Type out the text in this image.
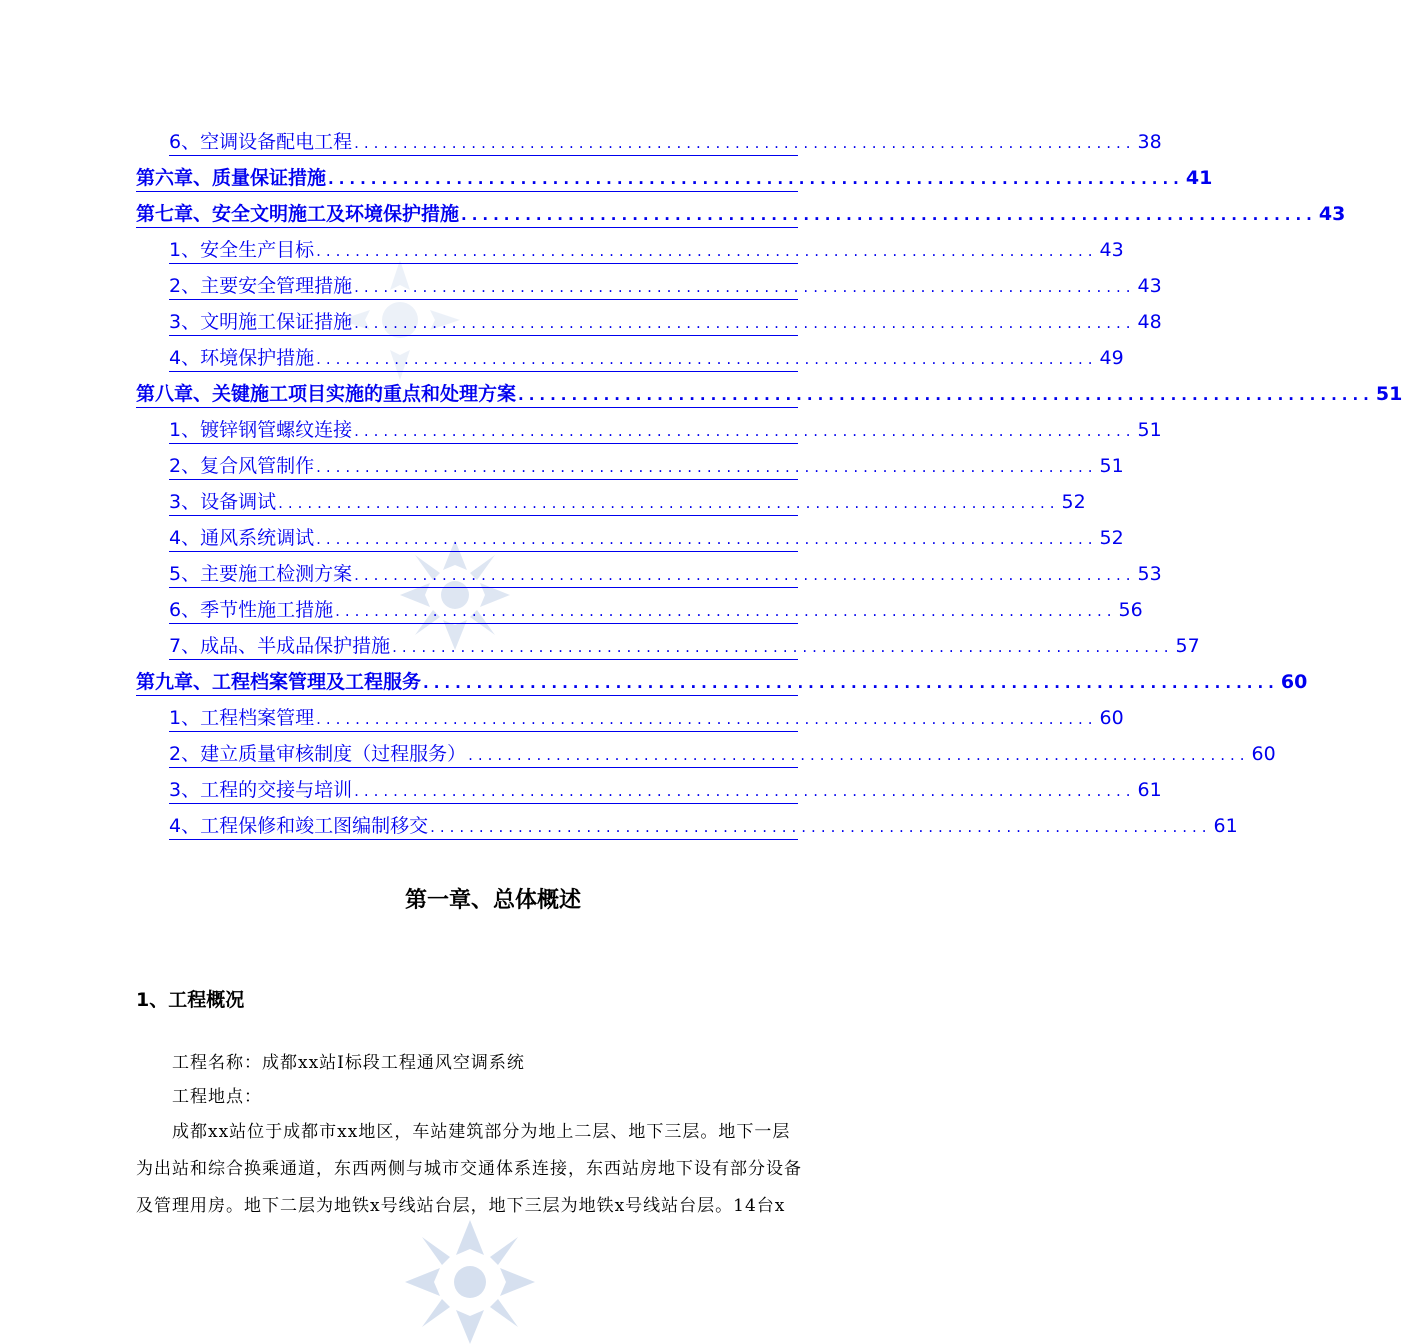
6、空调设备配电工程 ................................................................................ 38
第六章、质量保证措施 ................................................................................ 41
第七章、安全文明施工及环境保护措施 ................................................................................ 43
1、安全生产目标 ................................................................................ 43
2、主要安全管理措施 ................................................................................ 43
3、文明施工保证措施 ................................................................................ 48
4、环境保护措施 ................................................................................ 49
第八章、关键施工项目实施的重点和处理方案 ................................................................................ 51
1、镀锌钢管螺纹连接 ................................................................................ 51
2、复合风管制作 ................................................................................ 51
3、设备调试 ................................................................................ 52
4、通风系统调试 ................................................................................ 52
5、主要施工检测方案 ................................................................................ 53
6、季节性施工措施 ................................................................................ 56
7、成品、半成品保护措施 ................................................................................ 57
第九章、工程档案管理及工程服务 ................................................................................ 60
1、工程档案管理 ................................................................................ 60
2、建立质量审核制度（过程服务） ................................................................................ 60
3、工程的交接与培训 ................................................................................ 61
4、工程保修和竣工图编制移交 ................................................................................ 61
第一章、总体概述
1、工程概况
工程名称：成都xx站I标段工程通风空调系统
工程地点：
成都xx站位于成都市xx地区，车站建筑部分为地上二层、地下三层。地下一层
为出站和综合换乘通道，东西两侧与城市交通体系连接，东西站房地下设有部分设备
及管理用房。地下二层为地铁x号线站台层，地下三层为地铁x号线站台层。14台x
